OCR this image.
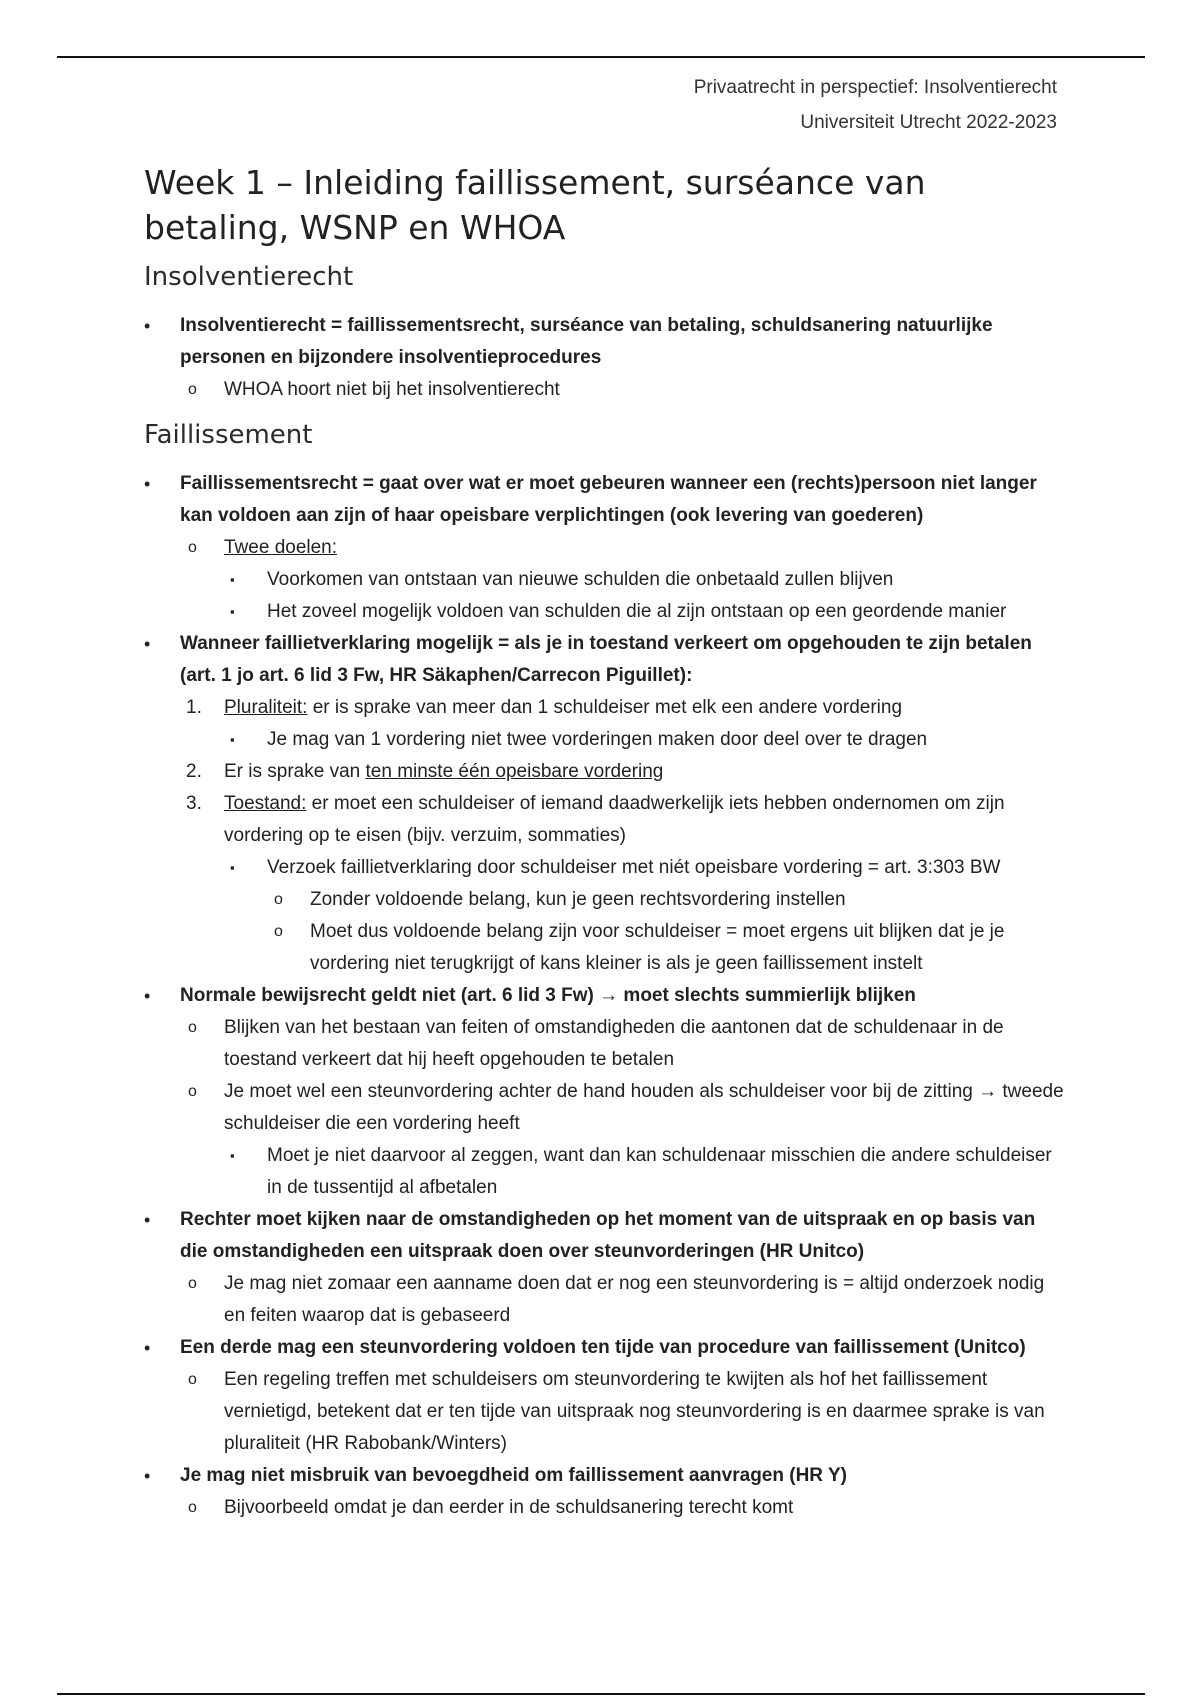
Privaatrecht in perspectief: Insolventierecht
Universiteit Utrecht 2022-2023
Week 1 – Inleiding faillissement, surséance van
betaling, WSNP en WHOA
Insolventierecht
• Insolventierecht = faillissementsrecht, surséance van betaling, schuldsanering natuurlijke personen en bijzondere insolventieprocedures
o WHOA hoort niet bij het insolventierecht
Faillissement
• Faillissementsrecht = gaat over wat er moet gebeuren wanneer een (rechts)persoon niet langer kan voldoen aan zijn of haar opeisbare verplichtingen (ook levering van goederen)
o Twee doelen:
▪ Voorkomen van ontstaan van nieuwe schulden die onbetaald zullen blijven
▪ Het zoveel mogelijk voldoen van schulden die al zijn ontstaan op een geordende manier
• Wanneer faillietverklaring mogelijk = als je in toestand verkeert om opgehouden te zijn betalen (art. 1 jo art. 6 lid 3 Fw, HR Säkaphen/Carrecon Piguillet):
1. Pluraliteit: er is sprake van meer dan 1 schuldeiser met elk een andere vordering
▪ Je mag van 1 vordering niet twee vorderingen maken door deel over te dragen
2. Er is sprake van ten minste één opeisbare vordering
3. Toestand: er moet een schuldeiser of iemand daadwerkelijk iets hebben ondernomen om zijn vordering op te eisen (bijv. verzuim, sommaties)
▪ Verzoek faillietverklaring door schuldeiser met niét opeisbare vordering = art. 3:303 BW
o Zonder voldoende belang, kun je geen rechtsvordering instellen
o Moet dus voldoende belang zijn voor schuldeiser = moet ergens uit blijken dat je je vordering niet terugkrijgt of kans kleiner is als je geen faillissement instelt
• Normale bewijsrecht geldt niet (art. 6 lid 3 Fw) → moet slechts summierlijk blijken
o Blijken van het bestaan van feiten of omstandigheden die aantonen dat de schuldenaar in de toestand verkeert dat hij heeft opgehouden te betalen
o Je moet wel een steunvordering achter de hand houden als schuldeiser voor bij de zitting → tweede schuldeiser die een vordering heeft
▪ Moet je niet daarvoor al zeggen, want dan kan schuldenaar misschien die andere schuldeiser in de tussentijd al afbetalen
• Rechter moet kijken naar de omstandigheden op het moment van de uitspraak en op basis van die omstandigheden een uitspraak doen over steunvorderingen (HR Unitco)
o Je mag niet zomaar een aanname doen dat er nog een steunvordering is = altijd onderzoek nodig en feiten waarop dat is gebaseerd
• Een derde mag een steunvordering voldoen ten tijde van procedure van faillissement (Unitco)
o Een regeling treffen met schuldeisers om steunvordering te kwijten als hof het faillissement vernietigd, betekent dat er ten tijde van uitspraak nog steunvordering is en daarmee sprake is van pluraliteit (HR Rabobank/Winters)
• Je mag niet misbruik van bevoegdheid om faillissement aanvragen (HR Y)
o Bijvoorbeeld omdat je dan eerder in de schuldsanering terecht komt
